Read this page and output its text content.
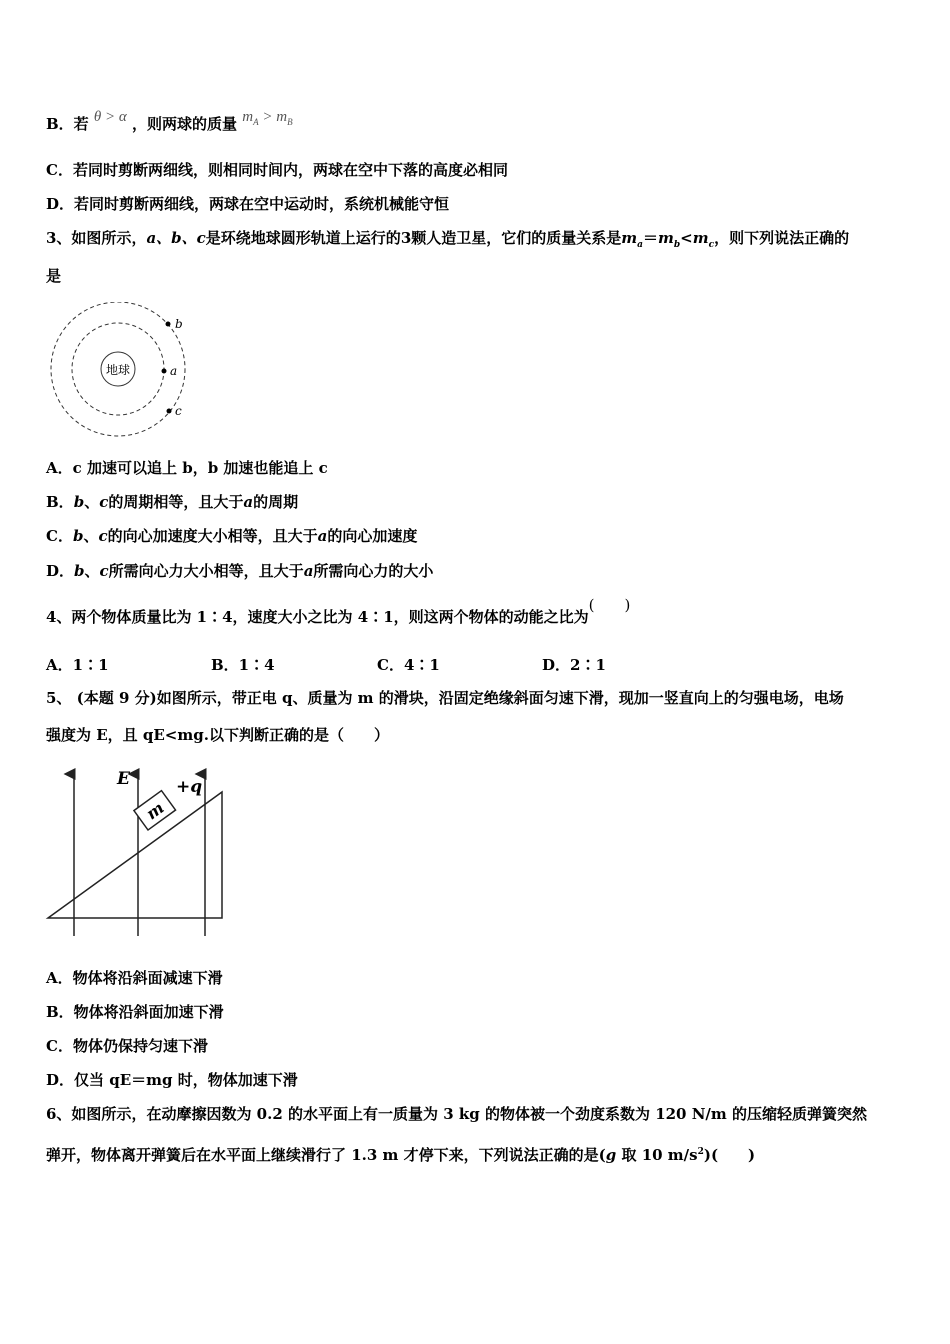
B．若 θ > α ，则两球的质量 $m_A > m_B$
C．若同时剪断两细线，则相同时间内，两球在空中下落的高度必相同
D．若同时剪断两细线，两球在空中运动时，系统机械能守恒
3、如图所示，a、b、c是环绕地球圆形轨道上运行的3颗人造卫星，它们的质量关系是$m_a=m_b<m_c$，则下列说法正确的
是
地球	a
b
c
A．c 加速可以追上 b，b 加速也能追上 c
B．b、c的周期相等，且大于a的周期
C．b、c的向心加速度大小相等，且大于a的向心加速度
D．b、c所需向心力大小相等，且大于a所需向心力的大小
4、两个物体质量比为 1∶4，速度大小之比为 4∶1，则这两个物体的动能之比为(　　)
A．1∶1	B．1∶4	C．4∶1	D．2∶1
5、 (本题 9 分)如图所示，带正电 q、质量为 m 的滑块，沿固定绝缘斜面匀速下滑，现加一竖直向上的匀强电场，电场
强度为 E，且 qE<mg.以下判断正确的是（　　）
E	+q
m
A．物体将沿斜面减速下滑
B．物体将沿斜面加速下滑
C．物体仍保持匀速下滑
D．仅当 qE＝mg 时，物体加速下滑
6、如图所示，在动摩擦因数为 0.2 的水平面上有一质量为 3 kg 的物体被一个劲度系数为 120 N/m 的压缩轻质弹簧突然
弹开，物体离开弹簧后在水平面上继续滑行了 1.3 m 才停下来，下列说法正确的是(g 取 10 $m/s^2$)(　　)
